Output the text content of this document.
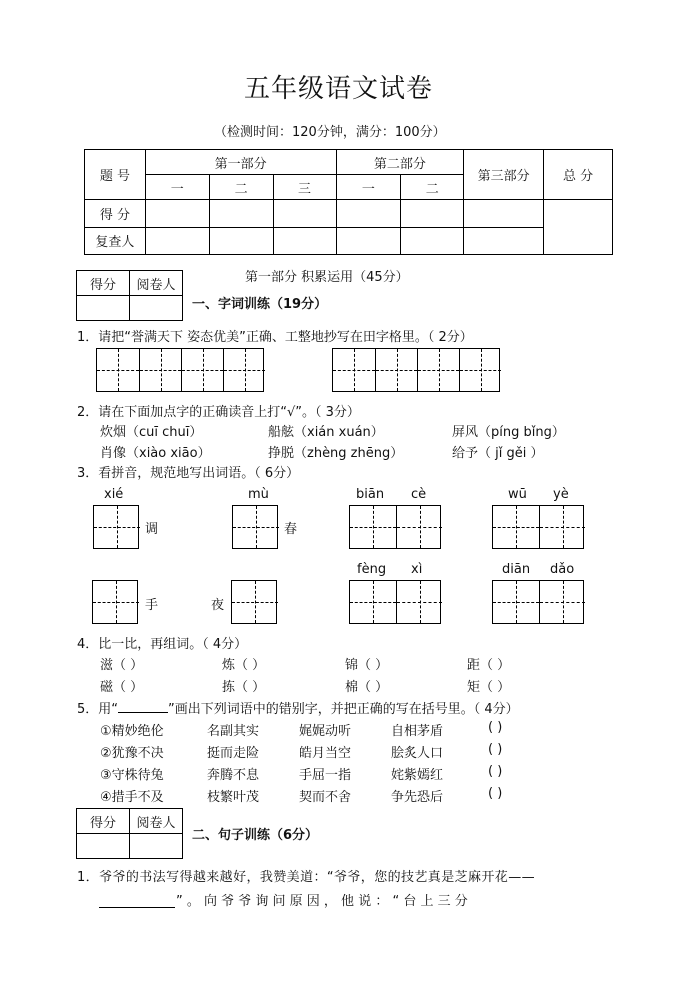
五年级语文试卷
（检测时间：120分钟，满分：100分）
题 号	第一部分			第二部分		第三部分	总 分
	一	二	三	一	二		
得 分							
复查人							
得分	阅卷人
		第一部分 积累运用（45分）
一、字词训练（19分）
1．请把“誉满天下 姿态优美”正确、工整地抄写在田字格里。（ 2分）
2．请在下面加点字的正确读音上打“√”。（ 3分）
炊烟（cuī chuī）	船舷（xián xuán）	屏风（píng bǐng）
肖像（xiào xiāo）	挣脱（zhèng zhēng）	给予（ jǐ gěi ）
3．看拼音，规范地写出词语。（ 6分）
xié
调
mù
春
biān cè	wū yè
手	夜
fèng xì	diān dǎo
4．比一比，再组词。（ 4分）
滋（ ）	炼（ ）	锦（ ）	距（ ）
磁（ ）	拣（ ）	棉（ ）	矩（ ）
5．用“	”画出下列词语中的错别字，并把正确的写在括号里。（ 4分）
①精妙绝伦	名副其实	娓娓动听	自相茅盾	( )
②犹豫不决	挺而走险	皓月当空	脍炙人口	( )
③守株待兔	奔腾不息	手屈一指	姹紫嫣红	( )
④措手不及	枝繁叶茂	契而不舍	争先恐后	( )
得分	阅卷人

二、句子训练（6分）
1．爷爷的书法写得越来越好，我赞美道：“爷爷，您的技艺真是芝麻开花——
” 。 向 爷 爷 询 问 原 因 ， 他 说 ： “ 台 上 三 分
